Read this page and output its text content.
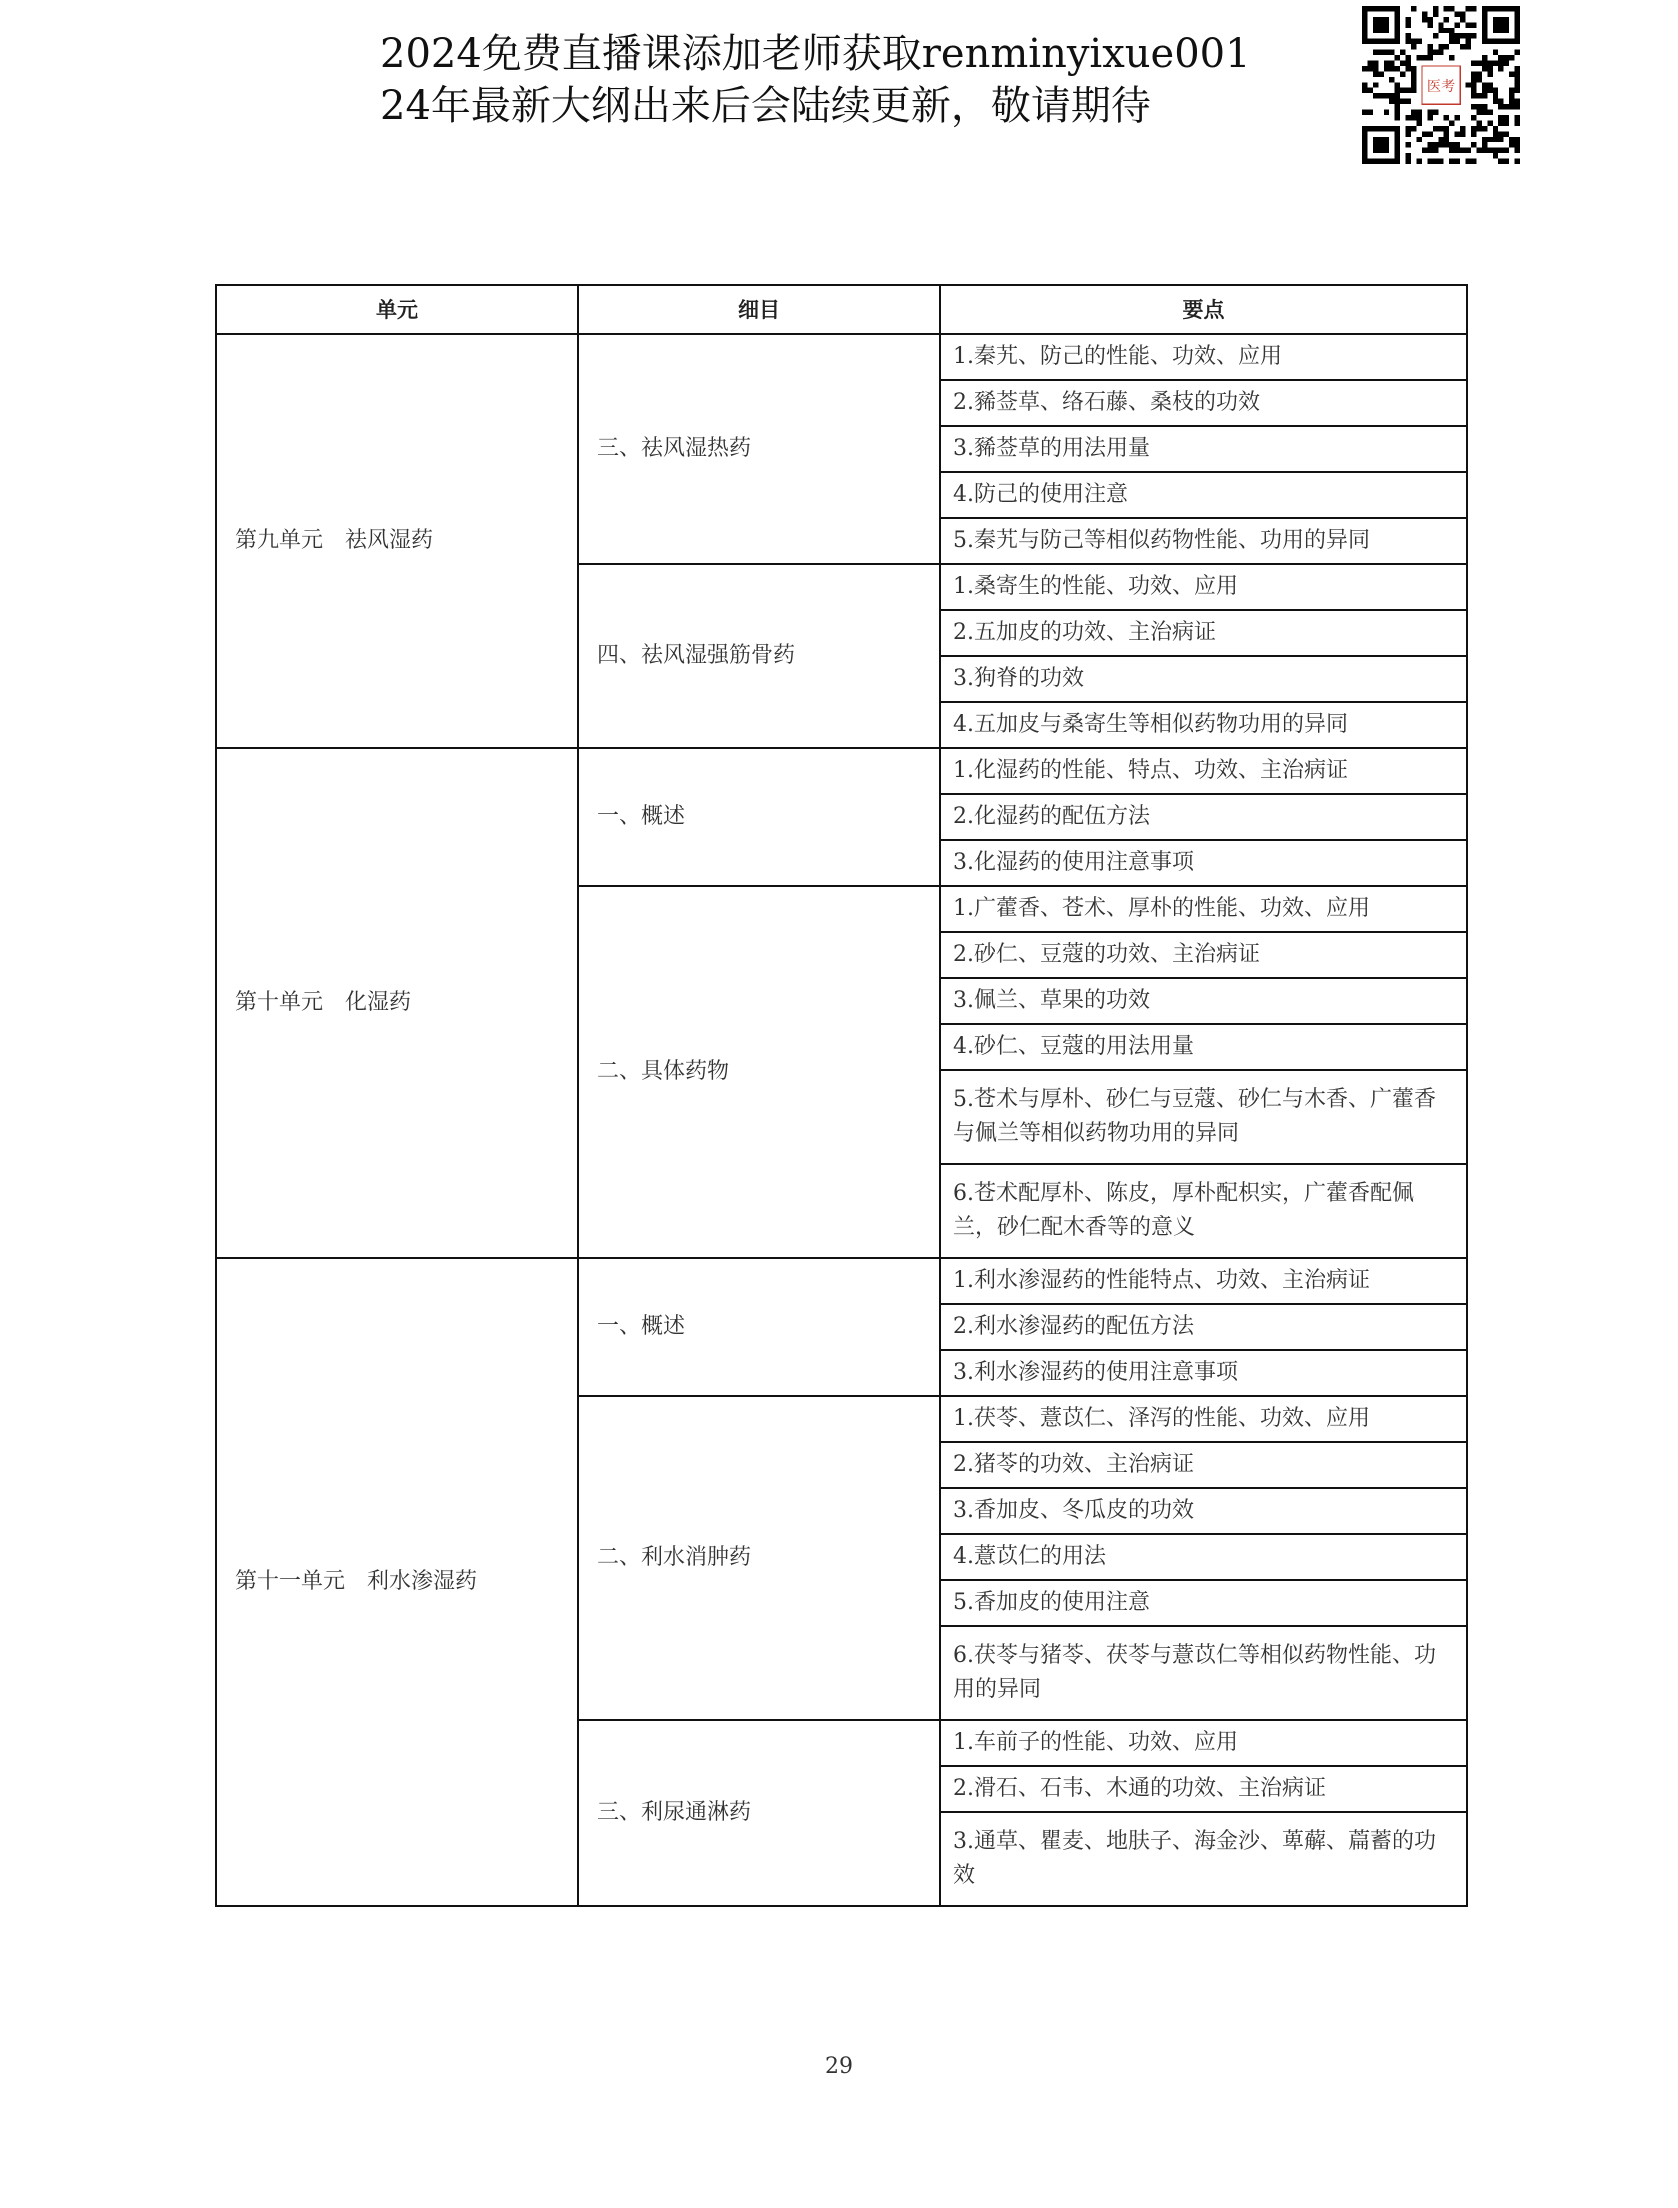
2024免费直播课添加老师获取renminyixue001
24年最新大纲出来后会陆续更新，敬请期待	医考
单元	细目	要点
第九单元　祛风湿药	三、祛风湿热药	1.秦艽、防己的性能、功效、应用
		2.豨莶草、络石藤、桑枝的功效
		3.豨莶草的用法用量
		4.防己的使用注意
		5.秦艽与防己等相似药物性能、功用的异同
	四、祛风湿强筋骨药	1.桑寄生的性能、功效、应用
		2.五加皮的功效、主治病证
		3.狗脊的功效
		4.五加皮与桑寄生等相似药物功用的异同
第十单元　化湿药	一、概述	1.化湿药的性能、特点、功效、主治病证
		2.化湿药的配伍方法
		3.化湿药的使用注意事项
	二、具体药物	1.广藿香、苍术、厚朴的性能、功效、应用
		2.砂仁、豆蔻的功效、主治病证
		3.佩兰、草果的功效
		4.砂仁、豆蔻的用法用量
		5.苍术与厚朴、砂仁与豆蔻、砂仁与木香、广藿香与佩兰等相似药物功用的异同
		6.苍术配厚朴、陈皮，厚朴配枳实，广藿香配佩兰，砂仁配木香等的意义
第十一单元　利水渗湿药	一、概述	1.利水渗湿药的性能特点、功效、主治病证
		2.利水渗湿药的配伍方法
		3.利水渗湿药的使用注意事项
	二、利水消肿药	1.茯苓、薏苡仁、泽泻的性能、功效、应用
		2.猪苓的功效、主治病证
		3.香加皮、冬瓜皮的功效
		4.薏苡仁的用法
		5.香加皮的使用注意
		6.茯苓与猪苓、茯苓与薏苡仁等相似药物性能、功用的异同
	三、利尿通淋药	1.车前子的性能、功效、应用
		2.滑石、石韦、木通的功效、主治病证
		3.通草、瞿麦、地肤子、海金沙、萆薢、萹蓄的功效
29
